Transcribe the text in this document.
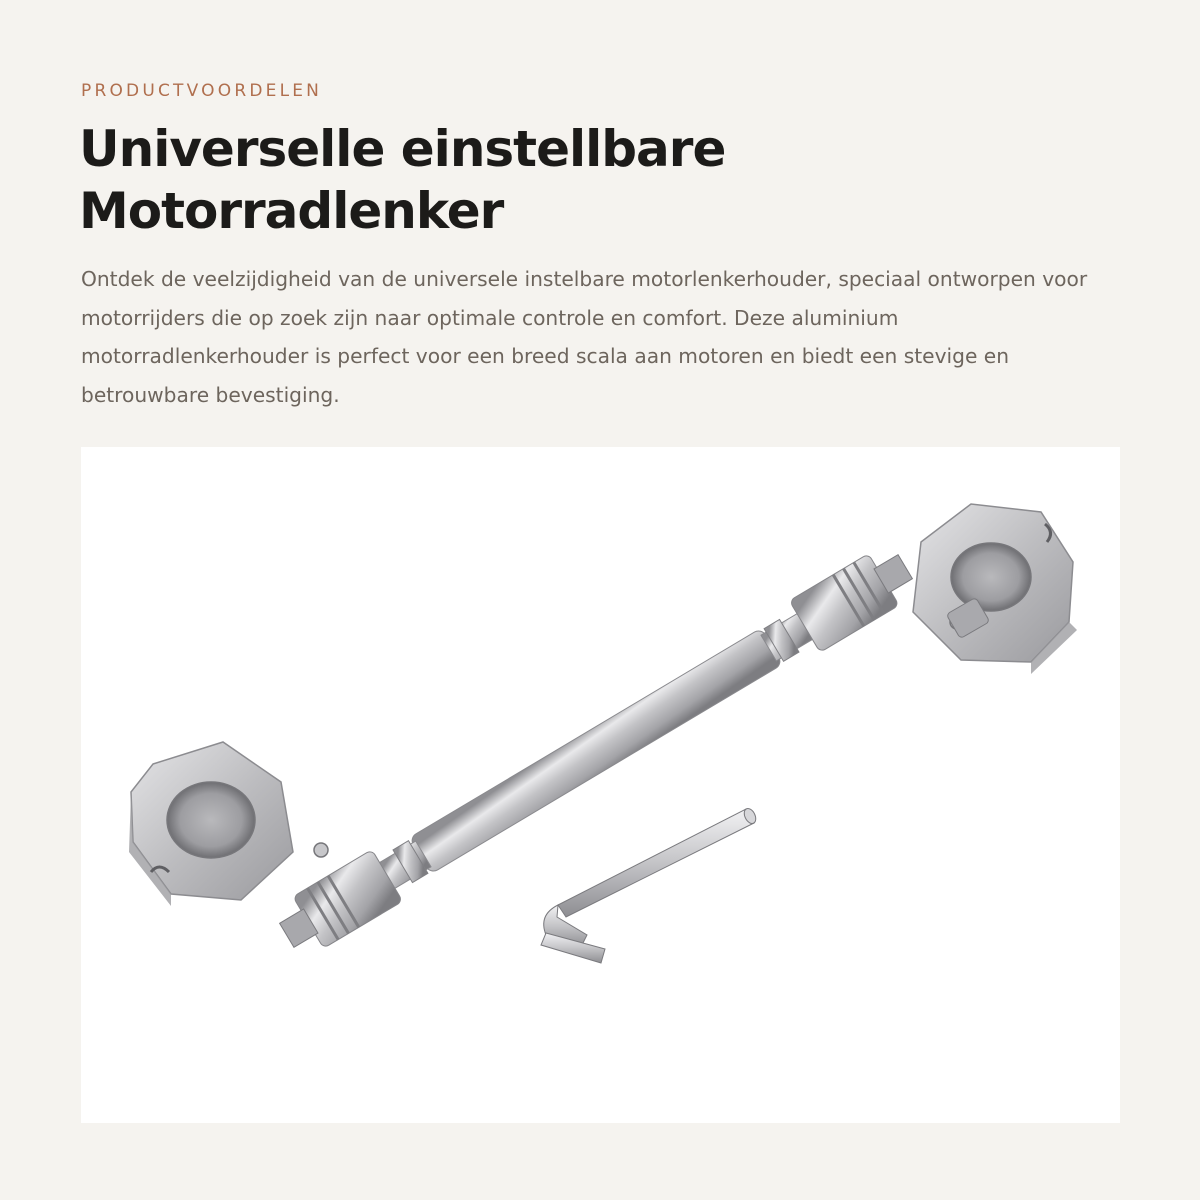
PRODUCTVOORDELEN
Universelle einstellbare Motorradlenker

Ontdek de veelzijdigheid van de universele instelbare motorlenkerhouder, speciaal ontworpen voor motorrijders die op zoek zijn naar optimale controle en comfort. Deze aluminium motorradlenkerhouder is perfect voor een breed scala aan motoren en biedt een stevige en betrouwbare bevestiging.
